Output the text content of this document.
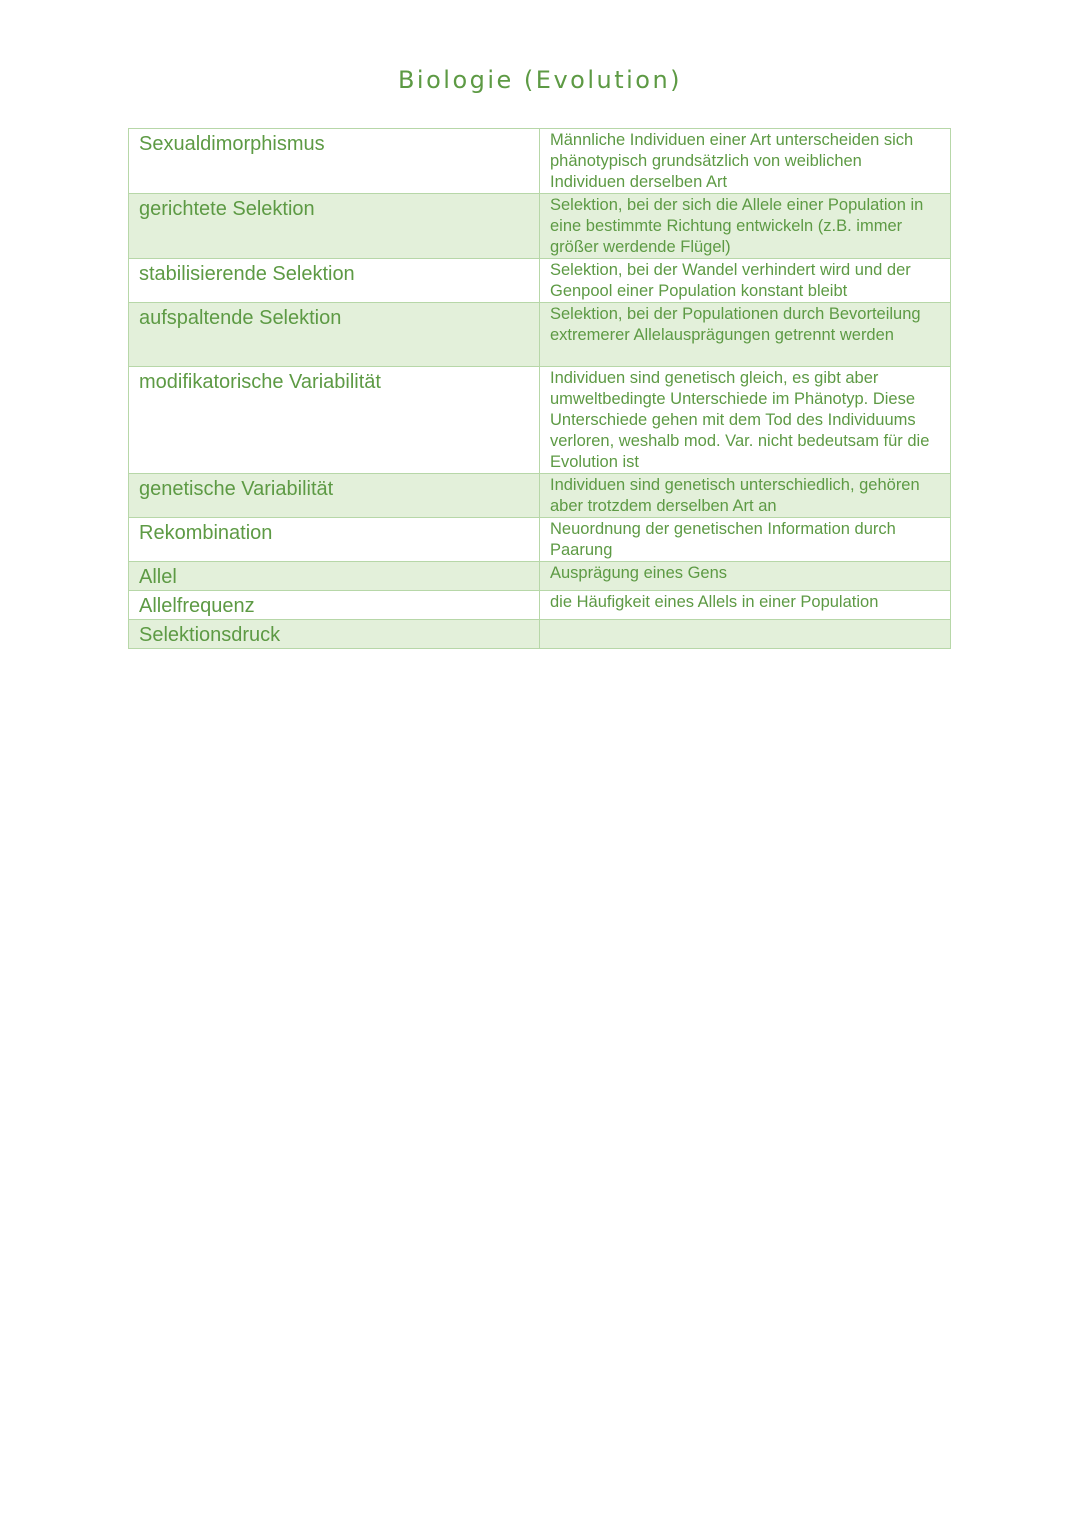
Biologie (Evolution)
Sexualdimorphismus	Männliche Individuen einer Art unterscheiden sich phänotypisch grundsätzlich von weiblichen Individuen derselben Art
gerichtete Selektion	Selektion, bei der sich die Allele einer Population in eine bestimmte Richtung entwickeln (z.B. immer größer werdende Flügel)
stabilisierende Selektion	Selektion, bei der Wandel verhindert wird und der Genpool einer Population konstant bleibt
aufspaltende Selektion	Selektion, bei der Populationen durch Bevorteilung extremerer Allelausprägungen getrennt werden
modifikatorische Variabilität	Individuen sind genetisch gleich, es gibt aber umweltbedingte Unterschiede im Phänotyp. Diese Unterschiede gehen mit dem Tod des Individuums verloren, weshalb mod. Var. nicht bedeutsam für die Evolution ist
genetische Variabilität	Individuen sind genetisch unterschiedlich, gehören aber trotzdem derselben Art an
Rekombination	Neuordnung der genetischen Information durch Paarung
Allel	Ausprägung eines Gens
Allelfrequenz	die Häufigkeit eines Allels in einer Population
Selektionsdruck	
